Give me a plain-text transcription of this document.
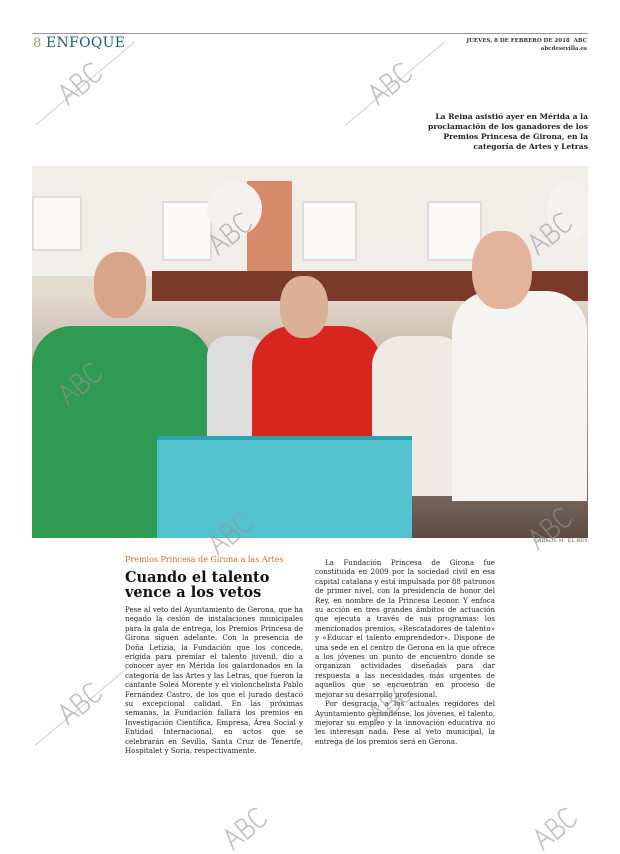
8 ENFOQUE	JUEVES, 8 DE FEBRERO DE 2018 ABC
abcdesevilla.es
La Reina asistió ayer en Mérida a la proclamación de los ganadores de los Premios Princesa de Girona, en la categoría de Artes y Letras
CARLOS M. EL REY
Premios Princesa de Girona a las Artes
Cuando el talento vence a los vetos

Pese al veto del Ayuntamiento de Gerona, que ha negado la cesión de instalaciones municipales para la gala de entrega, los Premios Princesa de Girona siguen adelante. Con la presencia de Doña Letizia, la Fundación que los concede, erigida para premiar el talento juvenil, dio a conocer ayer en Mérida los galardonados en la categoría de las Artes y las Letras, que fueron la cantante Soleá Morente y el violonchelista Pablo Fernández Castro, de los que el jurado destacó su excepcional calidad. En las próximas semanas, la Fundación fallará los premios en Investigación Científica, Empresa, Área Social y Entidad Internacional, en actos que se celebrarán en Sevilla, Santa Cruz de Tenerife, Hospitalet y Soria, respectivamente.

La Fundación Princesa de Girona fue constituida en 2009 por la sociedad civil en esa capital catalana y está impulsada por 88 patronos de primer nivel, con la presidencia de honor del Rey, en nombre de la Princesa Leonor. Y enfoca su acción en tres grandes ámbitos de actuación que ejecuta a través de sus programas: los mencionados premios, «Rescatadores de talento» y «Educar el talento emprendedor». Dispone de una sede en el centro de Gerona en la que ofrece a los jóvenes un punto de encuentro donde se organizan actividades diseñadas para dar respuesta a las necesidades más urgentes de aquellos que se encuentran en proceso de mejorar su desarrollo profesional.

Por desgracia, a los actuales regidores del Ayuntamiento gerundense, los jóvenes, el talento, mejorar su empleo y la innovación educativa no les interesan nada. Pese al veto municipal, la entrega de los premios será en Gerona.
